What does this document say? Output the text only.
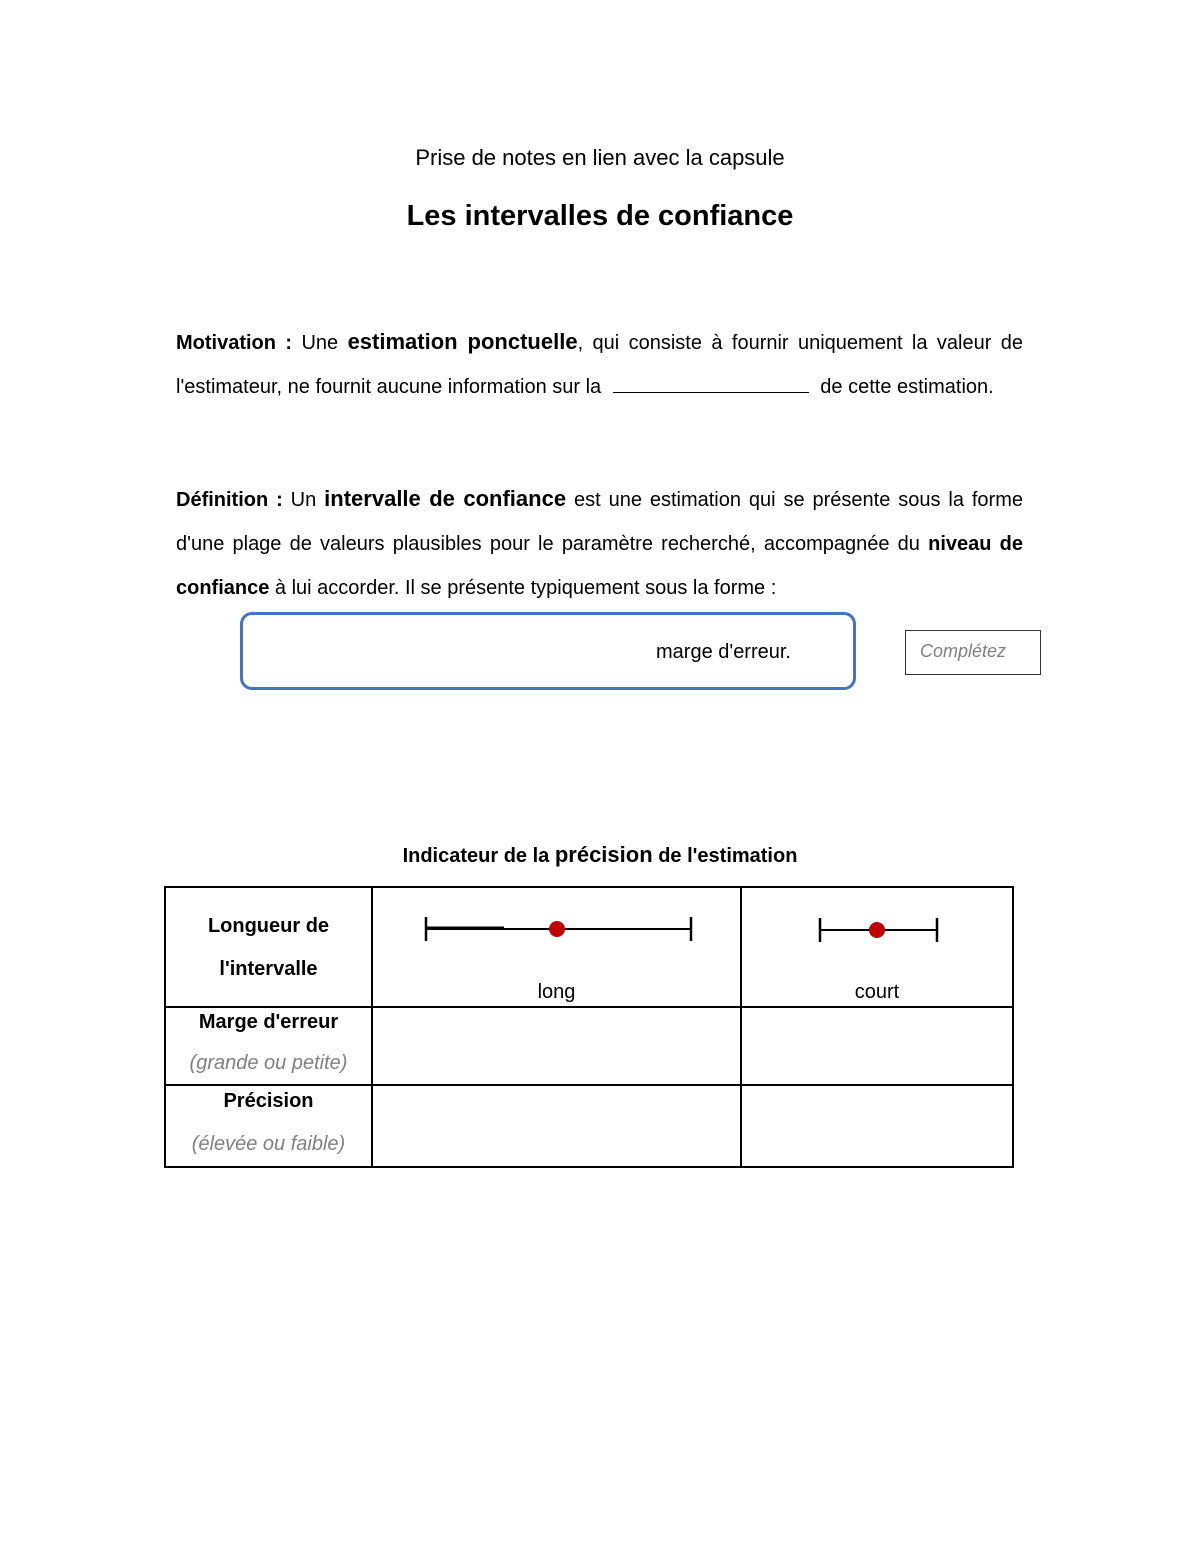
Prise de notes en lien avec la capsule
Les intervalles de confiance
Motivation : Une estimation ponctuelle, qui consiste à fournir uniquement la valeur de l'estimateur, ne fournit aucune information sur la	de cette estimation.
Définition : Un intervalle de confiance est une estimation qui se présente sous la forme d'une plage de valeurs plausibles pour le paramètre recherché, accompagnée du niveau de confiance à lui accorder. Il se présente typiquement sous la forme :
marge d'erreur.	Complétez
Indicateur de la précision de l'estimation
Longueur de
l'intervalle	long	court

Marge d'erreur
(grande ou petite)		

Précision
(élevée ou faible)		
